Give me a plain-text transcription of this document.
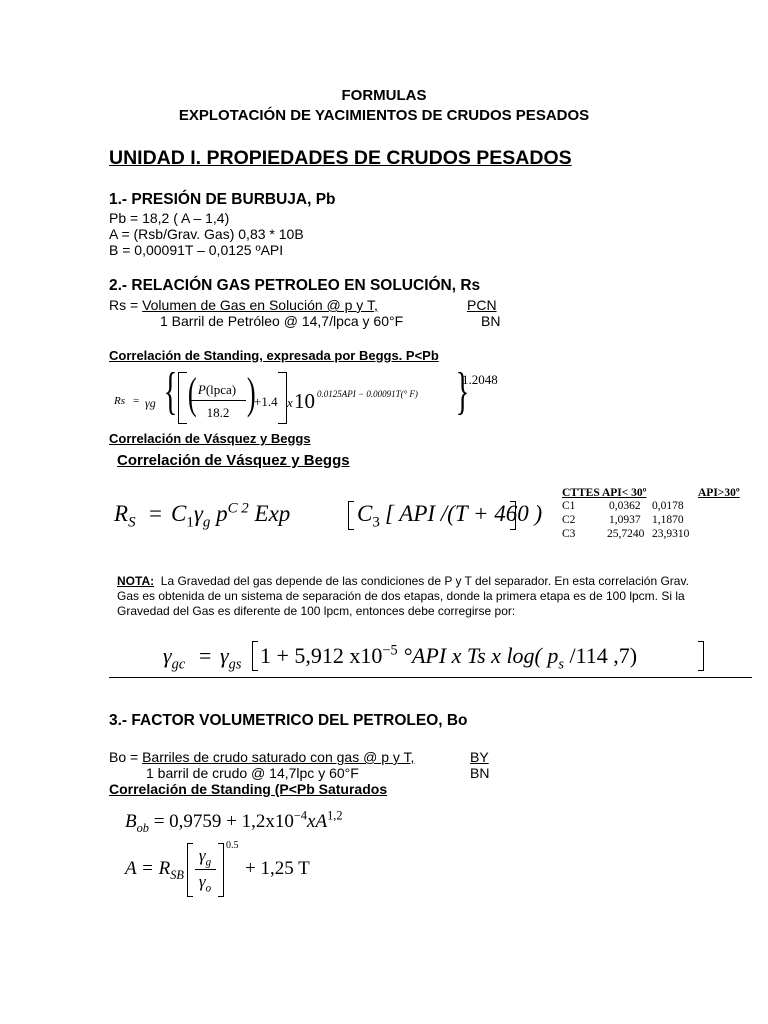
FORMULAS
EXPLOTACIÓN DE YACIMIENTOS DE CRUDOS PESADOS
UNIDAD I. PROPIEDADES DE CRUDOS PESADOS
1.- PRESIÓN DE BURBUJA, Pb
Pb = 18,2 ( A – 1,4)
A = (Rsb/Grav. Gas) 0,83 * 10B
B = 0,00091T – 0,0125 ºAPI
2.- RELACIÓN GAS PETROLEO EN SOLUCIÓN, Rs
Rs = Volumen de Gas en Solución @ p y T,	PCN
1 Barril de Petróleo @ 14,7/lpca y 60°F	BN
Correlación de Standing, expresada por Beggs. P<Pb
Rs = γg { ( P(lpca)
18.2 )
+1.4 x 10 0.0125API − 0.00091T(° F) }
1.2048
Correlación de Vásquez y Beggs
Correlación de Vásquez y Beggs
$R_S = C_1\gamma_g$ $p^{C 2}$ Exp	$C_3$ [ API /(T + 460 )
CTTES API< 30º	API>30º
C1	0,0362 0,0178
C2	1,0937 1,1870
C3	25,7240 23,9310
NOTA: La Gravedad del gas depende de las condiciones de P y T del separador. En esta correlación Grav.
Gas es obtenida de un sistema de separación de dos etapas, donde la primera etapa es de 100 lpcm. Si la
Gravedad del Gas es diferente de 100 lpcm, entonces debe corregirse por:
$\gamma_{gc} = \gamma_{gs}$ 1 + 5,912 $x10^{-5}$ °API x Ts x log( $p_s$ /114 ,7)
3.- FACTOR VOLUMETRICO DEL PETROLEO, Bo
Bo = Barriles de crudo saturado con gas @ p y T,	BY
1 barril de crudo @ 14,7lpc y 60°F	BN
Correlación de Standing (P<Pb Saturados
$B_{ob} = 0,9759 + 1,2x10^{-4}xA^{1,2}$
$A = R_{SB}$
$\gamma_g$
$\gamma_o$
0.5
+ 1,25 T
